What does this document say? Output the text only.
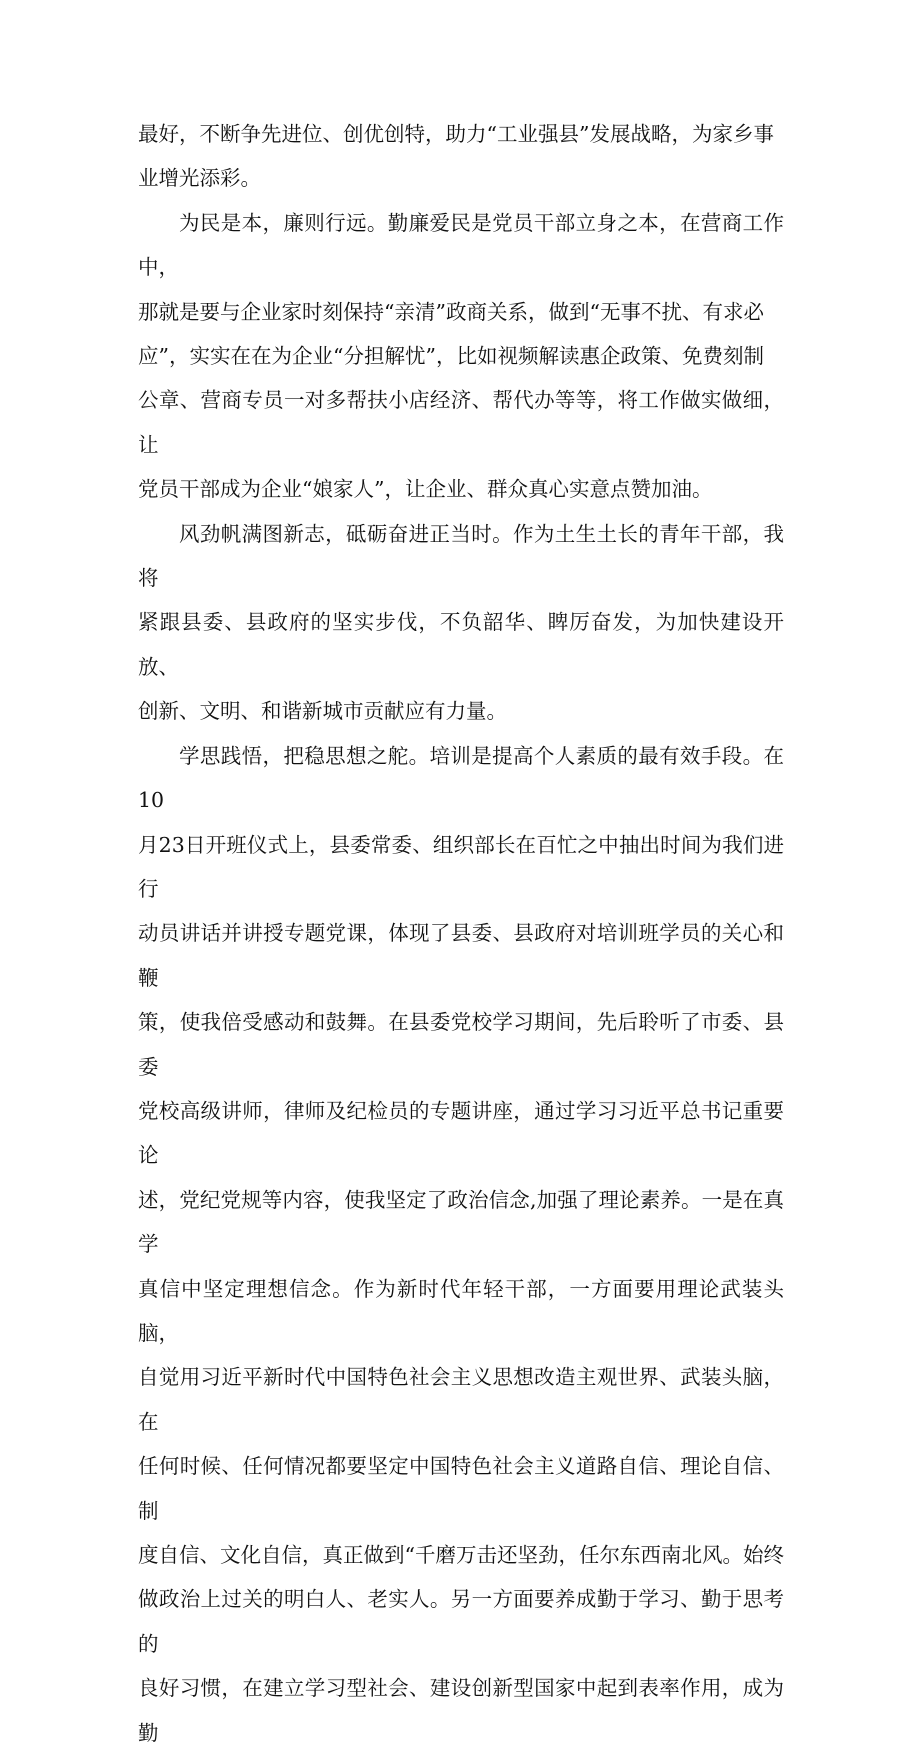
最好，不断争先进位、创优创特，助力“工业强县”发展战略，为家乡事
业增光添彩。

为民是本，廉则行远。勤廉爱民是党员干部立身之本，在营商工作中，
那就是要与企业家时刻保持“亲清”政商关系，做到“无事不扰、有求必
应”，实实在在为企业“分担解忧”，比如视频解读惠企政策、免费刻制
公章、营商专员一对多帮扶小店经济、帮代办等等，将工作做实做细，让
党员干部成为企业“娘家人”，让企业、群众真心实意点赞加油。

风劲帆满图新志，砥砺奋进正当时。作为土生土长的青年干部，我将
紧跟县委、县政府的坚实步伐，不负韶华、睥厉奋发，为加快建设开放、
创新、文明、和谐新城市贡献应有力量。

学思践悟，把稳思想之舵。培训是提高个人素质的最有效手段。在10
月23日开班仪式上，县委常委、组织部长在百忙之中抽出时间为我们进行
动员讲话并讲授专题党课，体现了县委、县政府对培训班学员的关心和鞭
策，使我倍受感动和鼓舞。在县委党校学习期间，先后聆听了市委、县委
党校高级讲师，律师及纪检员的专题讲座，通过学习习近平总书记重要论
述，党纪党规等内容，使我坚定了政治信念,加强了理论素养。一是在真学
真信中坚定理想信念。作为新时代年轻干部，一方面要用理论武装头脑，
自觉用习近平新时代中国特色社会主义思想改造主观世界、武装头脑，在
任何时候、任何情况都要坚定中国特色社会主义道路自信、理论自信、制
度自信、文化自信，真正做到“千磨万击还坚劲，任尔东西南北风。始终
做政治上过关的明白人、老实人。另一方面要养成勤于学习、勤于思考的
良好习惯，在建立学习型社会、建设创新型国家中起到表率作用，成为勤
